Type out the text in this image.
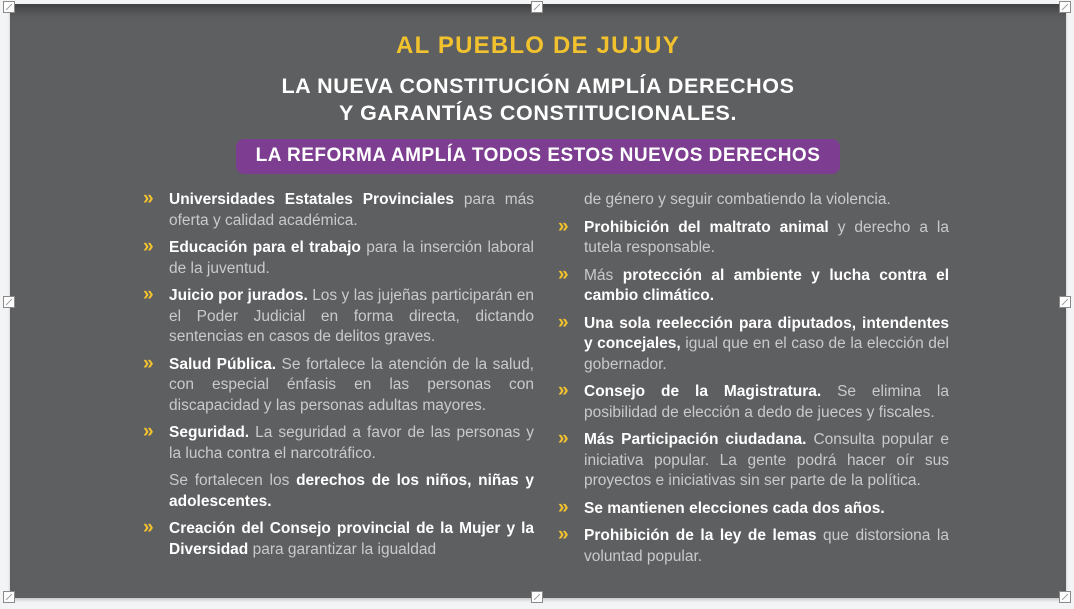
AL PUEBLO DE JUJUY
LA NUEVA CONSTITUCIÓN AMPLÍA DERECHOS
Y GARANTÍAS CONSTITUCIONALES.
LA REFORMA AMPLÍA TODOS ESTOS NUEVOS DERECHOS
» Universidades Estatales Provinciales para más oferta y calidad académica.
» Educación para el trabajo para la inserción laboral de la juventud.
» Juicio por jurados. Los y las jujeñas participarán en el Poder Judicial en forma directa, dictando sentencias en casos de delitos graves.
» Salud Pública. Se fortalece la atención de la salud, con especial énfasis en las personas con discapacidad y las personas adultas mayores.
» Seguridad. La seguridad a favor de las personas y la lucha contra el narcotráfico.
Se fortalecen los derechos de los niños, niñas y adolescentes.
» Creación del Consejo provincial de la Mujer y la Diversidad para garantizar la igualdad
de género y seguir combatiendo la violencia.
» Prohibición del maltrato animal y derecho a la tutela responsable.
» Más protección al ambiente y lucha contra el cambio climático.
» Una sola reelección para diputados, intendentes y concejales, igual que en el caso de la elección del gobernador.
» Consejo de la Magistratura. Se elimina la posibilidad de elección a dedo de jueces y fiscales.
» Más Participación ciudadana. Consulta popular e iniciativa popular. La gente podrá hacer oír sus proyectos e iniciativas sin ser parte de la política.
» Se mantienen elecciones cada dos años.
» Prohibición de la ley de lemas que distorsiona la voluntad popular.
